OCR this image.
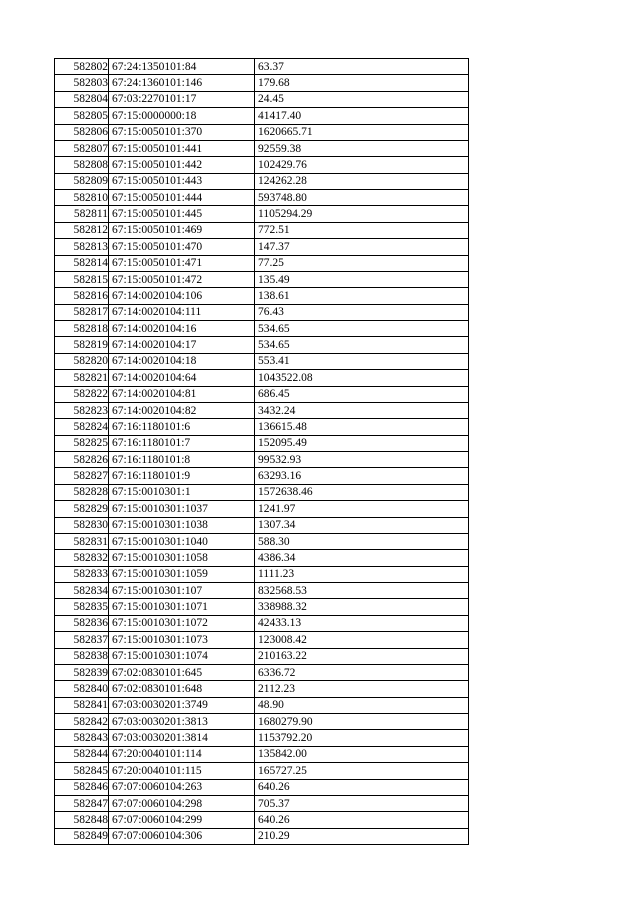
582802	67:24:1350101:84	63.37
582803	67:24:1360101:146	179.68
582804	67:03:2270101:17	24.45
582805	67:15:0000000:18	41417.40
582806	67:15:0050101:370	1620665.71
582807	67:15:0050101:441	92559.38
582808	67:15:0050101:442	102429.76
582809	67:15:0050101:443	124262.28
582810	67:15:0050101:444	593748.80
582811	67:15:0050101:445	1105294.29
582812	67:15:0050101:469	772.51
582813	67:15:0050101:470	147.37
582814	67:15:0050101:471	77.25
582815	67:15:0050101:472	135.49
582816	67:14:0020104:106	138.61
582817	67:14:0020104:111	76.43
582818	67:14:0020104:16	534.65
582819	67:14:0020104:17	534.65
582820	67:14:0020104:18	553.41
582821	67:14:0020104:64	1043522.08
582822	67:14:0020104:81	686.45
582823	67:14:0020104:82	3432.24
582824	67:16:1180101:6	136615.48
582825	67:16:1180101:7	152095.49
582826	67:16:1180101:8	99532.93
582827	67:16:1180101:9	63293.16
582828	67:15:0010301:1	1572638.46
582829	67:15:0010301:1037	1241.97
582830	67:15:0010301:1038	1307.34
582831	67:15:0010301:1040	588.30
582832	67:15:0010301:1058	4386.34
582833	67:15:0010301:1059	1111.23
582834	67:15:0010301:107	832568.53
582835	67:15:0010301:1071	338988.32
582836	67:15:0010301:1072	42433.13
582837	67:15:0010301:1073	123008.42
582838	67:15:0010301:1074	210163.22
582839	67:02:0830101:645	6336.72
582840	67:02:0830101:648	2112.23
582841	67:03:0030201:3749	48.90
582842	67:03:0030201:3813	1680279.90
582843	67:03:0030201:3814	1153792.20
582844	67:20:0040101:114	135842.00
582845	67:20:0040101:115	165727.25
582846	67:07:0060104:263	640.26
582847	67:07:0060104:298	705.37
582848	67:07:0060104:299	640.26
582849	67:07:0060104:306	210.29
